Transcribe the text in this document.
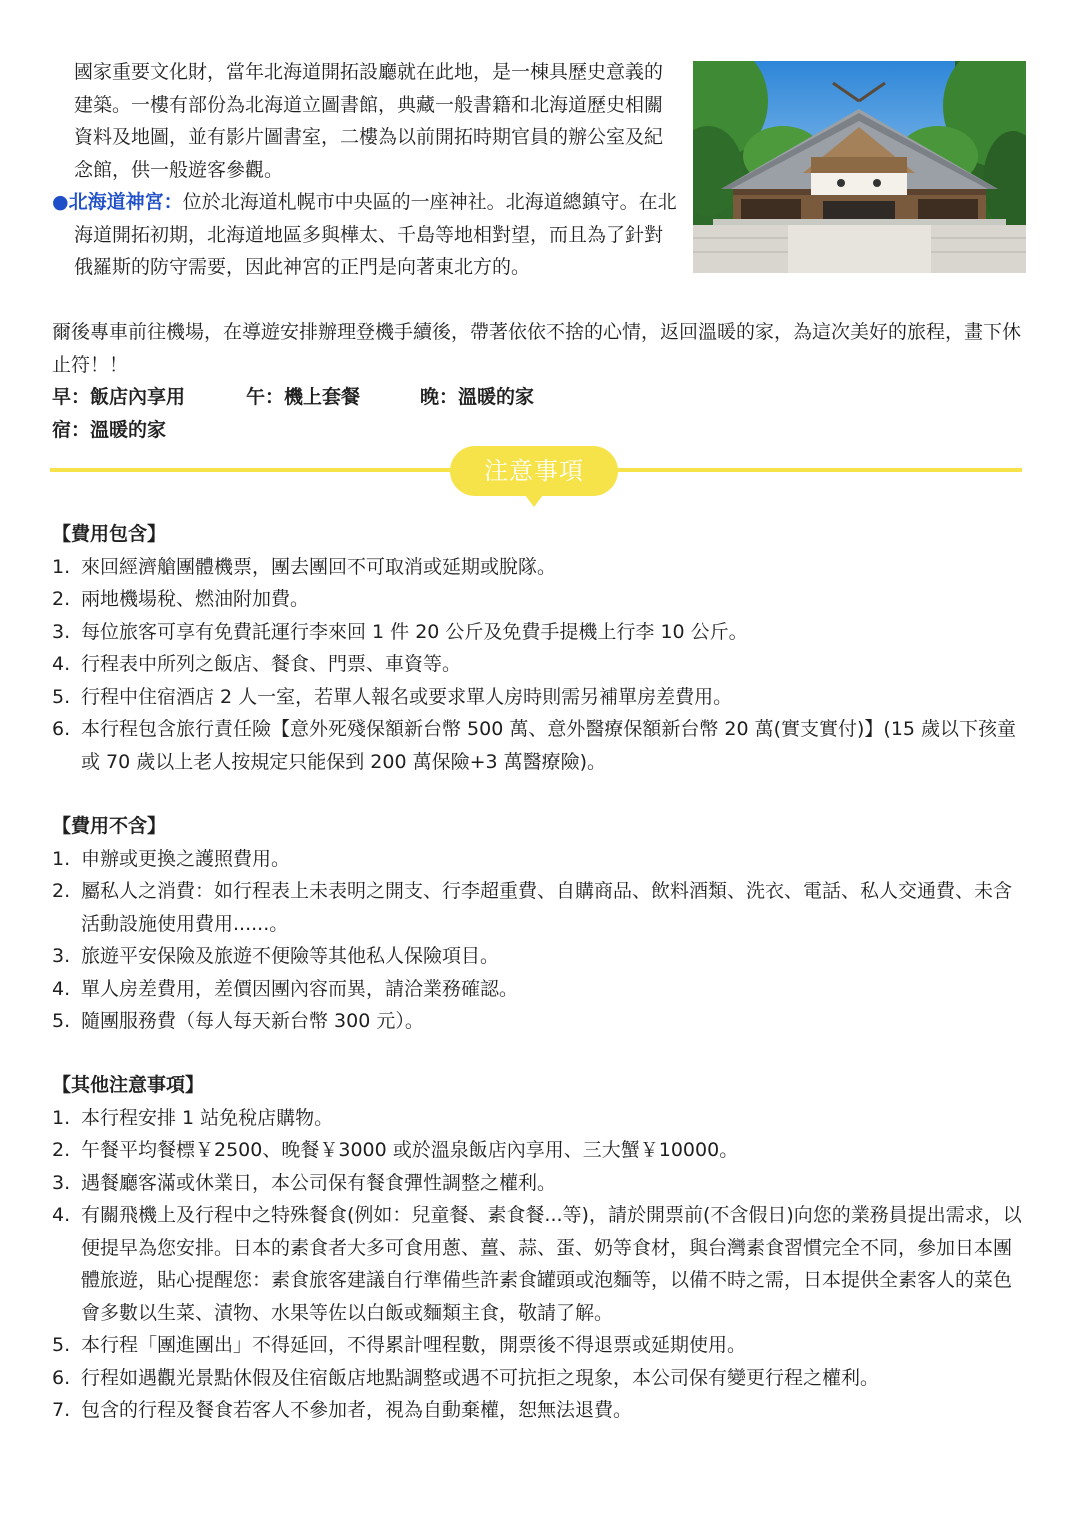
國家重要文化財，當年北海道開拓設廳就在此地，是一棟具歷史意義的建築。一樓有部份為北海道立圖書館，典藏一般書籍和北海道歷史相關資料及地圖，並有影片圖書室，二樓為以前開拓時期官員的辦公室及紀念館，供一般遊客參觀。

●北海道神宮：位於北海道札幌市中央區的一座神社。北海道總鎮守。在北海道開拓初期，北海道地區多與樺太、千島等地相對望，而且為了針對俄羅斯的防守需要，因此神宮的正門是向著東北方的。

爾後專車前往機場，在導遊安排辦理登機手續後，帶著依依不捨的心情，返回溫暖的家，為這次美好的旅程，畫下休止符！！

早：飯店內享用	午：機上套餐	晚：溫暖的家

宿：溫暖的家

注意事項
【費用包含】
1. 來回經濟艙團體機票，團去團回不可取消或延期或脫隊。
2. 兩地機場稅、燃油附加費。
3. 每位旅客可享有免費託運行李來回 1 件 20 公斤及免費手提機上行李 10 公斤。
4. 行程表中所列之飯店、餐食、門票、車資等。
5. 行程中住宿酒店 2 人一室，若單人報名或要求單人房時則需另補單房差費用。
6. 本行程包含旅行責任險【意外死殘保額新台幣 500 萬、意外醫療保額新台幣 20 萬(實支實付)】(15 歲以下孩童或 70 歲以上老人按規定只能保到 200 萬保險+3 萬醫療險)。
【費用不含】
1. 申辦或更換之護照費用。
2. 屬私人之消費：如行程表上未表明之開支、行李超重費、自購商品、飲料酒類、洗衣、電話、私人交通費、未含活動設施使用費用......。
3. 旅遊平安保險及旅遊不便險等其他私人保險項目。
4. 單人房差費用，差價因團內容而異，請洽業務確認。
5. 隨團服務費（每人每天新台幣 300 元）。
【其他注意事項】
1. 本行程安排 1 站免稅店購物。
2. 午餐平均餐標￥2500、晚餐￥3000 或於溫泉飯店內享用、三大蟹￥10000。
3. 遇餐廳客滿或休業日，本公司保有餐食彈性調整之權利。
4. 有關飛機上及行程中之特殊餐食(例如：兒童餐、素食餐...等)，請於開票前(不含假日)向您的業務員提出需求，以便提早為您安排。日本的素食者大多可食用蔥、薑、蒜、蛋、奶等食材，與台灣素食習慣完全不同，參加日本團體旅遊，貼心提醒您：素食旅客建議自行準備些許素食罐頭或泡麵等，以備不時之需，日本提供全素客人的菜色會多數以生菜、漬物、水果等佐以白飯或麵類主食，敬請了解。
5. 本行程「團進團出」不得延回，不得累計哩程數，開票後不得退票或延期使用。
6. 行程如遇觀光景點休假及住宿飯店地點調整或遇不可抗拒之現象，本公司保有變更行程之權利。
7. 包含的行程及餐食若客人不參加者，視為自動棄權，恕無法退費。
